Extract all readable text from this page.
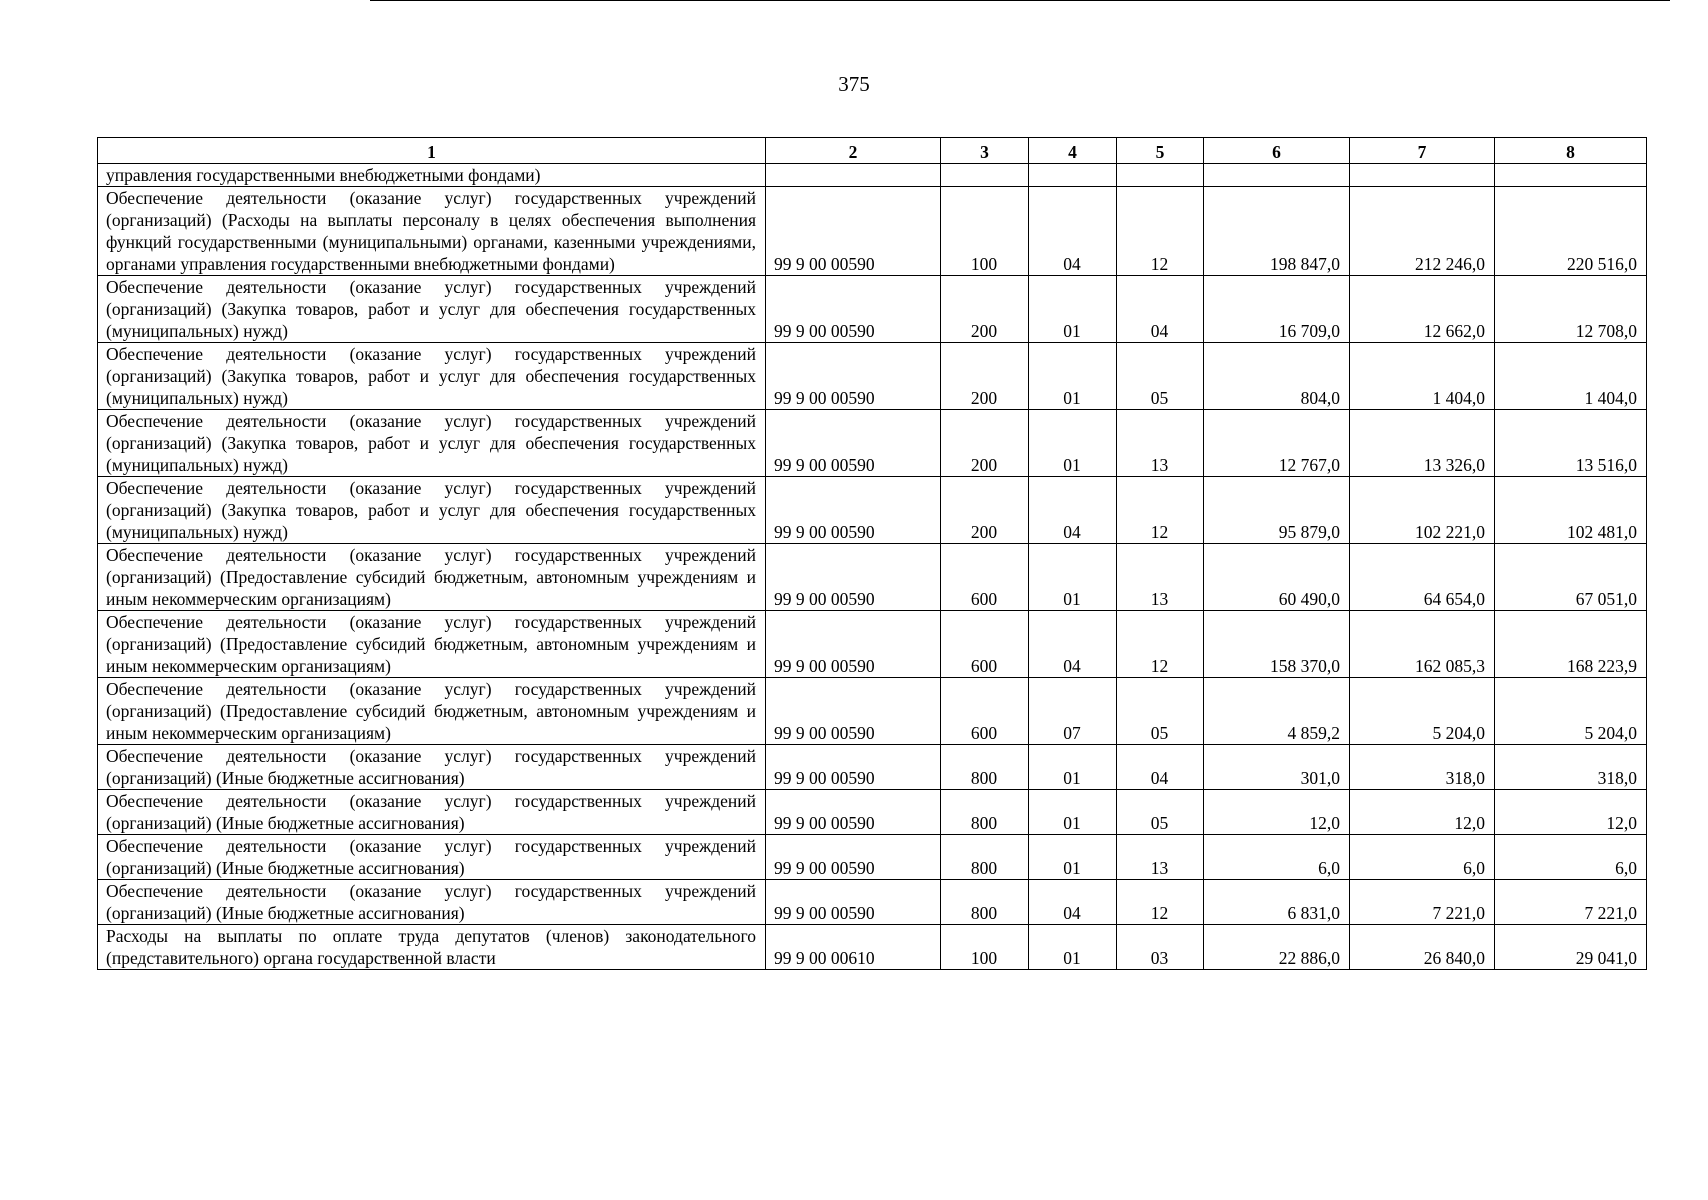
375
1	2	3	4	5	6	7	8
управления государственными внебюджетными фондами)							
Обеспечение деятельности (оказание услуг) государственных учреждений (организаций) (Расходы на выплаты персоналу в целях обеспечения выполнения функций государственными (муниципальными) органами, казенными учреждениями, органами управления государственными внебюджетными фондами)	99 9 00 00590	100	04	12	198 847,0	212 246,0	220 516,0
Обеспечение деятельности (оказание услуг) государственных учреждений (организаций) (Закупка товаров, работ и услуг для обеспечения государственных (муниципальных) нужд)	99 9 00 00590	200	01	04	16 709,0	12 662,0	12 708,0
Обеспечение деятельности (оказание услуг) государственных учреждений (организаций) (Закупка товаров, работ и услуг для обеспечения государственных (муниципальных) нужд)	99 9 00 00590	200	01	05	804,0	1 404,0	1 404,0
Обеспечение деятельности (оказание услуг) государственных учреждений (организаций) (Закупка товаров, работ и услуг для обеспечения государственных (муниципальных) нужд)	99 9 00 00590	200	01	13	12 767,0	13 326,0	13 516,0
Обеспечение деятельности (оказание услуг) государственных учреждений (организаций) (Закупка товаров, работ и услуг для обеспечения государственных (муниципальных) нужд)	99 9 00 00590	200	04	12	95 879,0	102 221,0	102 481,0
Обеспечение деятельности (оказание услуг) государственных учреждений (организаций) (Предоставление субсидий бюджетным, автономным учреждениям и иным некоммерческим организациям)	99 9 00 00590	600	01	13	60 490,0	64 654,0	67 051,0
Обеспечение деятельности (оказание услуг) государственных учреждений (организаций) (Предоставление субсидий бюджетным, автономным учреждениям и иным некоммерческим организациям)	99 9 00 00590	600	04	12	158 370,0	162 085,3	168 223,9
Обеспечение деятельности (оказание услуг) государственных учреждений (организаций) (Предоставление субсидий бюджетным, автономным учреждениям и иным некоммерческим организациям)	99 9 00 00590	600	07	05	4 859,2	5 204,0	5 204,0
Обеспечение деятельности (оказание услуг) государственных учреждений (организаций) (Иные бюджетные ассигнования)	99 9 00 00590	800	01	04	301,0	318,0	318,0
Обеспечение деятельности (оказание услуг) государственных учреждений (организаций) (Иные бюджетные ассигнования)	99 9 00 00590	800	01	05	12,0	12,0	12,0
Обеспечение деятельности (оказание услуг) государственных учреждений (организаций) (Иные бюджетные ассигнования)	99 9 00 00590	800	01	13	6,0	6,0	6,0
Обеспечение деятельности (оказание услуг) государственных учреждений (организаций) (Иные бюджетные ассигнования)	99 9 00 00590	800	04	12	6 831,0	7 221,0	7 221,0
Расходы на выплаты по оплате труда депутатов (членов) законодательного (представительного) органа государственной власти	99 9 00 00610	100	01	03	22 886,0	26 840,0	29 041,0
